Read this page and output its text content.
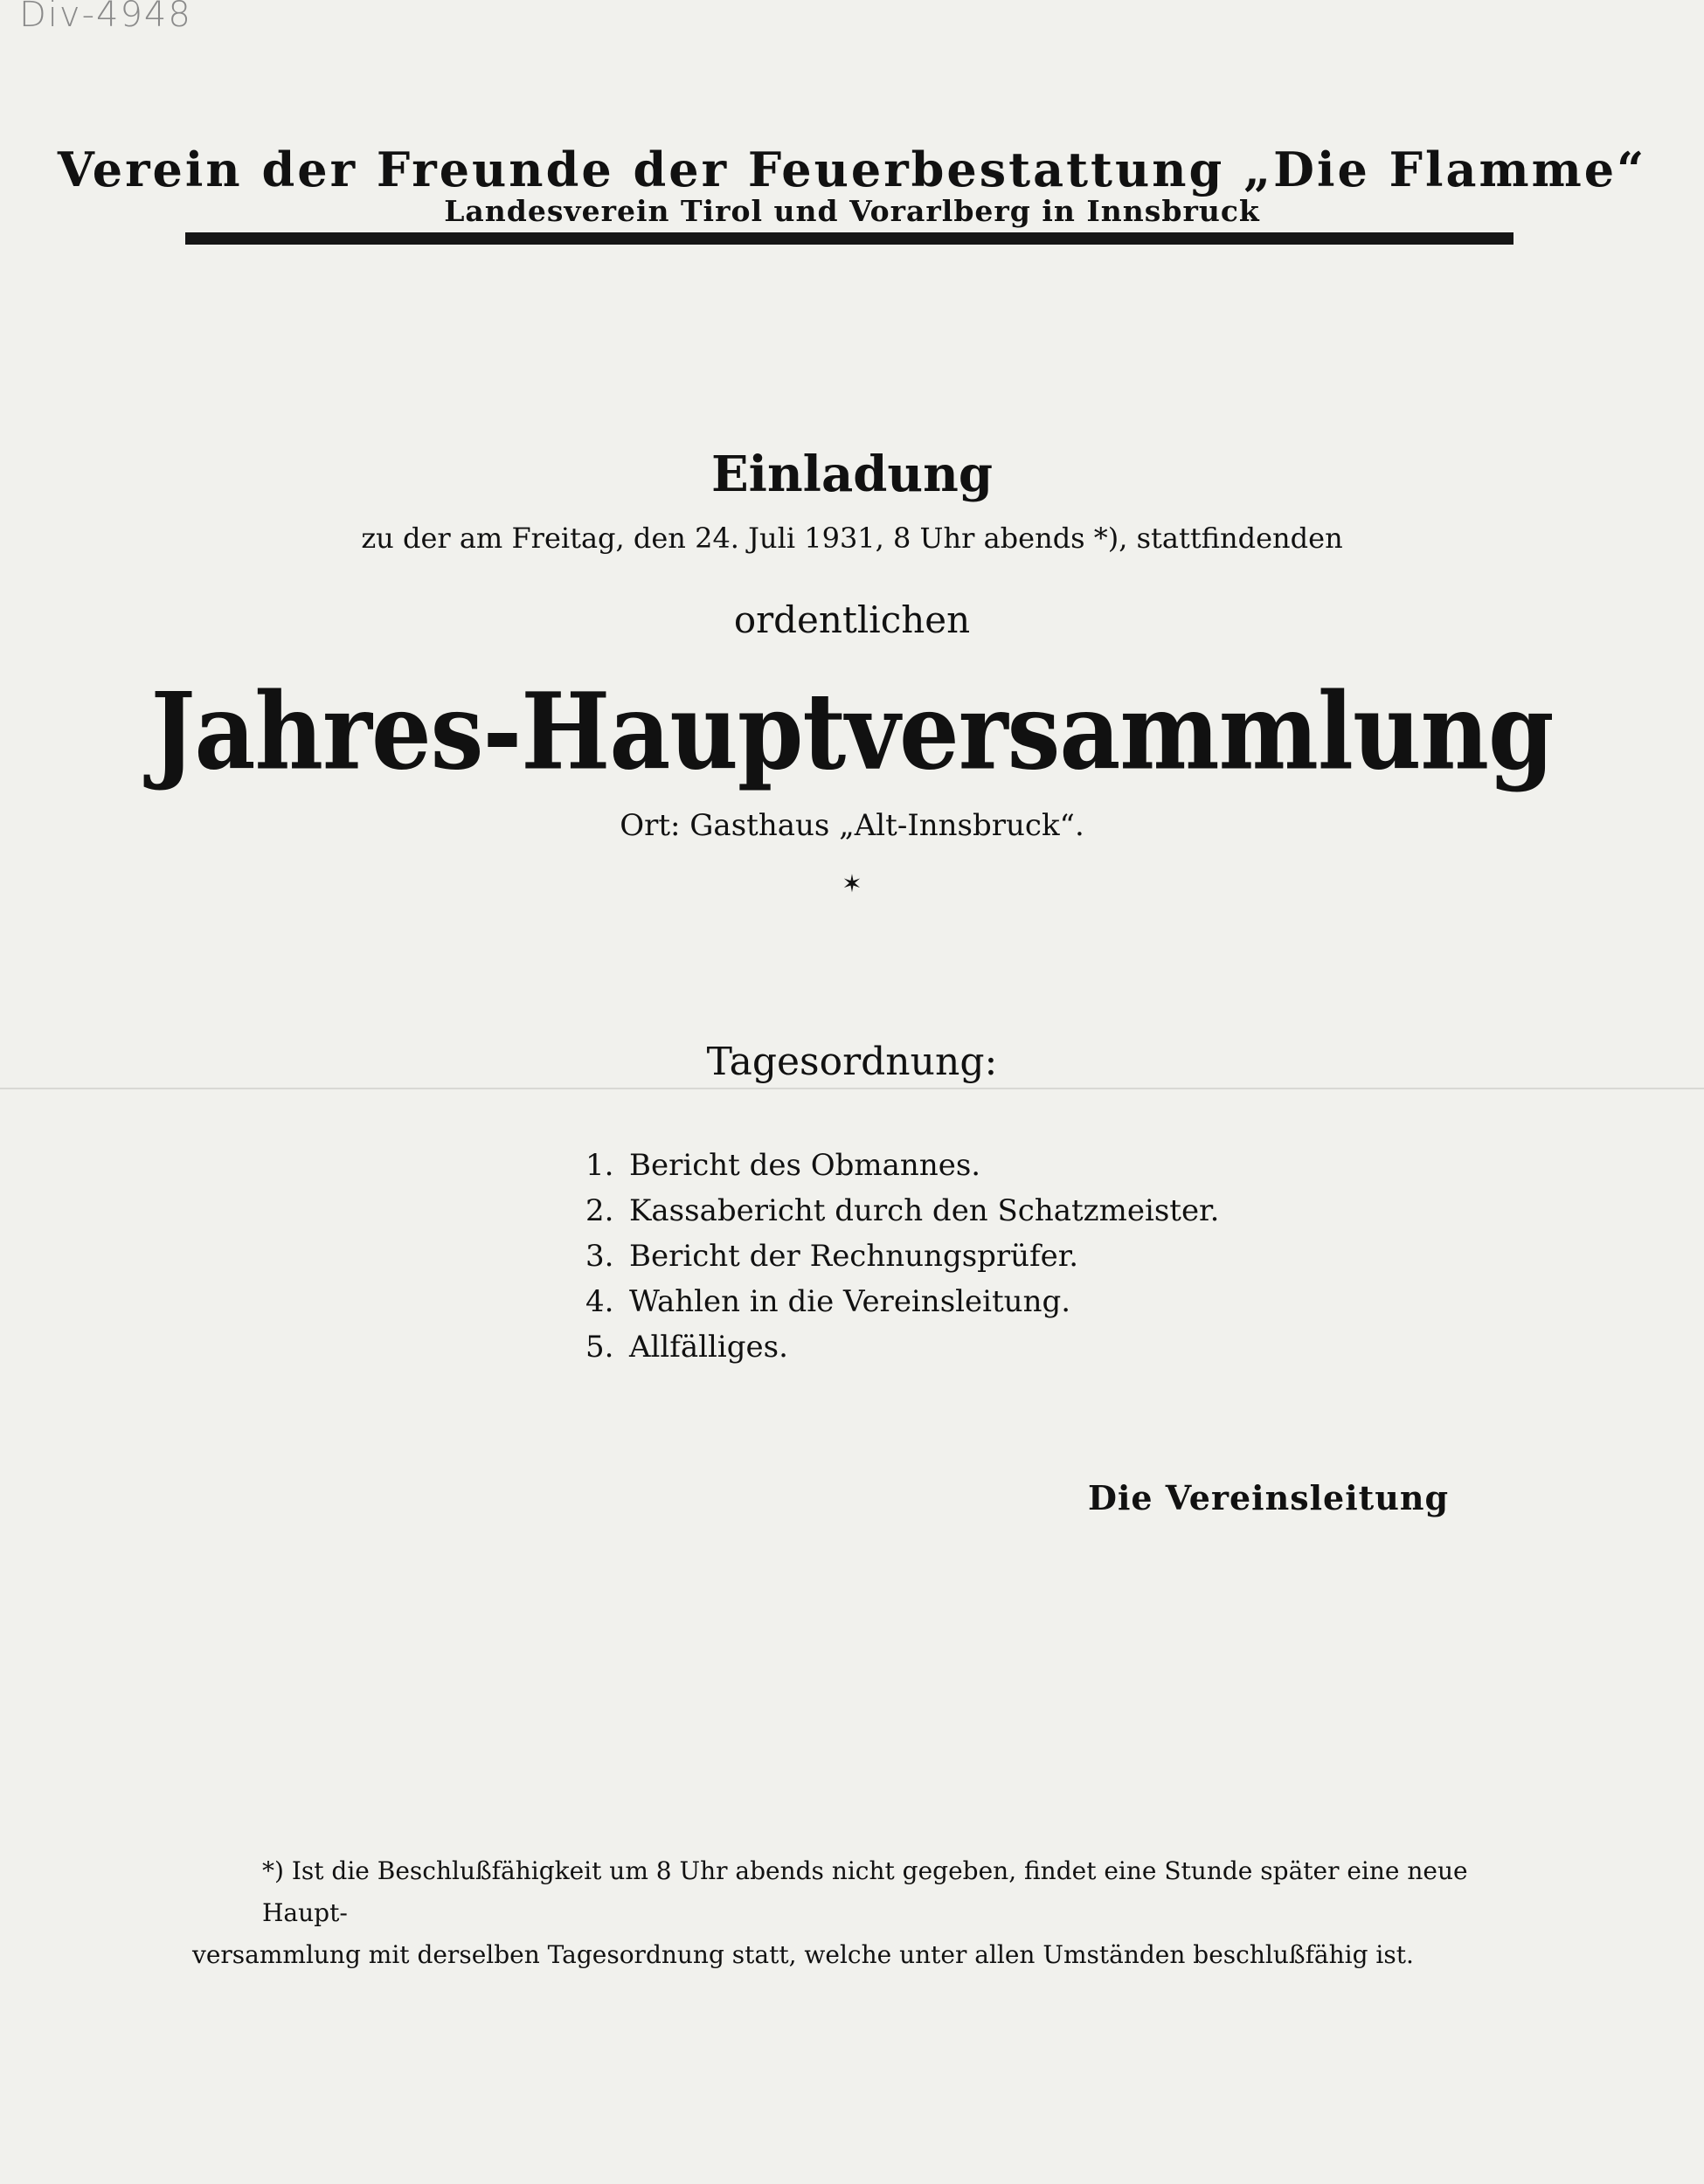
Div-4948
Verein der Freunde der Feuerbestattung „Die Flamme“
Landesverein Tirol und Vorarlberg in Innsbruck
Einladung
zu der am Freitag, den 24. Juli 1931, 8 Uhr abends *), stattfindenden
ordentlichen
Jahres-Hauptversammlung
Ort: Gasthaus „Alt-Innsbruck“.
✶
Tagesordnung:
1. Bericht des Obmannes.
2. Kassabericht durch den Schatzmeister.
3. Bericht der Rechnungsprüfer.
4. Wahlen in die Vereinsleitung.
5. Allfälliges.
Die Vereinsleitung
*) Ist die Beschlußfähigkeit um 8 Uhr abends nicht gegeben, findet eine Stunde später eine neue Haupt-
versammlung mit derselben Tagesordnung statt, welche unter allen Umständen beschlußfähig ist.
